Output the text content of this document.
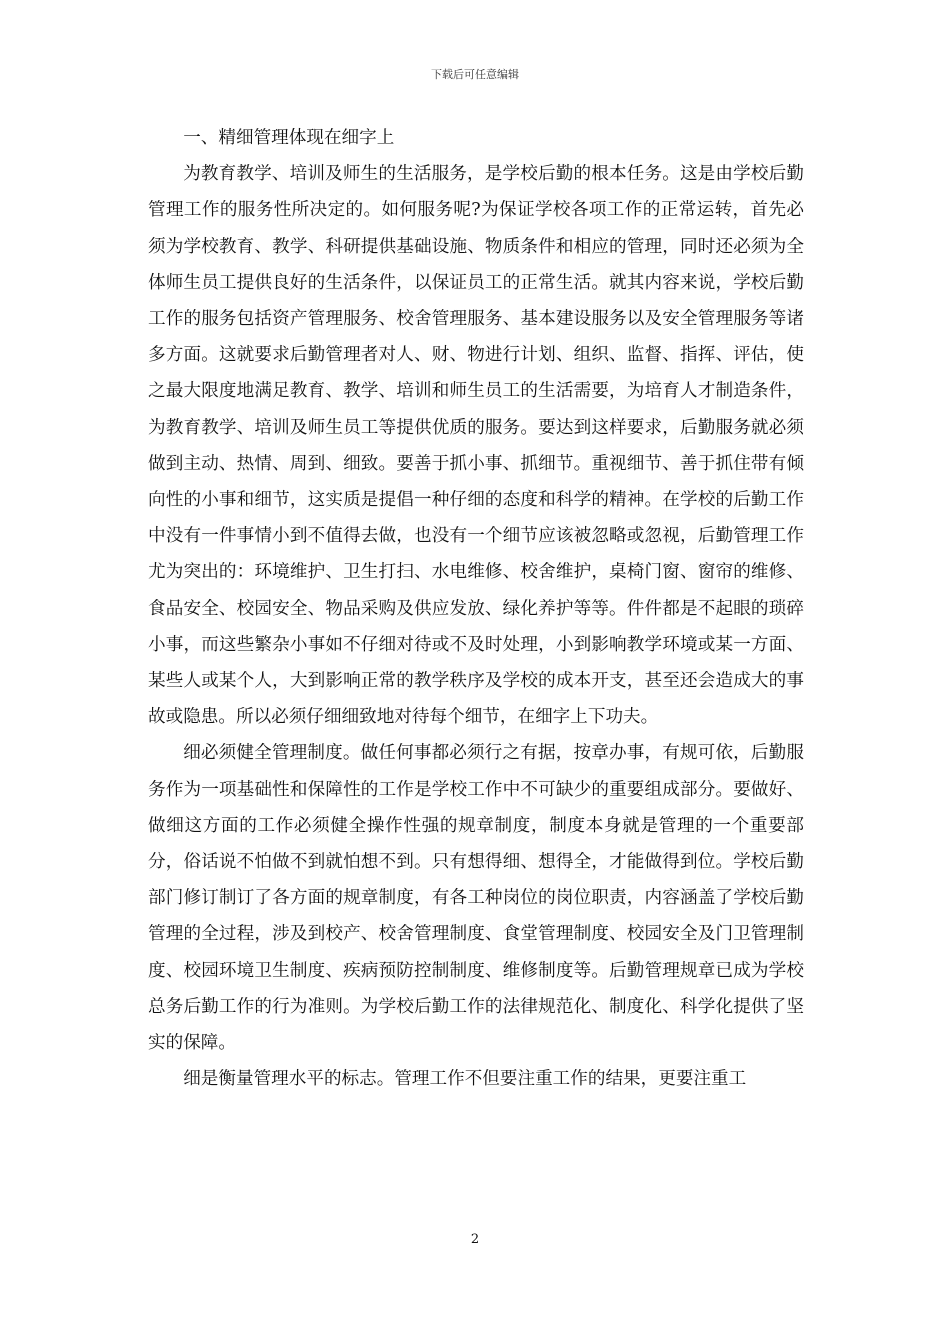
下载后可任意编辑
一、精细管理体现在细字上

为教育教学、培训及师生的生活服务，是学校后勤的根本任务。这是由学校后勤管理工作的服务性所决定的。如何服务呢?为保证学校各项工作的正常运转，首先必须为学校教育、教学、科研提供基础设施、物质条件和相应的管理，同时还必须为全体师生员工提供良好的生活条件，以保证员工的正常生活。就其内容来说，学校后勤工作的服务包括资产管理服务、校舍管理服务、基本建设服务以及安全管理服务等诸多方面。这就要求后勤管理者对人、财、物进行计划、组织、监督、指挥、评估，使之最大限度地满足教育、教学、培训和师生员工的生活需要，为培育人才制造条件，为教育教学、培训及师生员工等提供优质的服务。要达到这样要求，后勤服务就必须做到主动、热情、周到、细致。要善于抓小事、抓细节。重视细节、善于抓住带有倾向性的小事和细节，这实质是提倡一种仔细的态度和科学的精神。在学校的后勤工作中没有一件事情小到不值得去做，也没有一个细节应该被忽略或忽视，后勤管理工作尤为突出的：环境维护、卫生打扫、水电维修、校舍维护，桌椅门窗、窗帘的维修、食品安全、校园安全、物品采购及供应发放、绿化养护等等。件件都是不起眼的琐碎小事，而这些繁杂小事如不仔细对待或不及时处理，小到影响教学环境或某一方面、某些人或某个人，大到影响正常的教学秩序及学校的成本开支，甚至还会造成大的事故或隐患。所以必须仔细细致地对待每个细节，在细字上下功夫。

细必须健全管理制度。做任何事都必须行之有据，按章办事，有规可依，后勤服务作为一项基础性和保障性的工作是学校工作中不可缺少的重要组成部分。要做好、做细这方面的工作必须健全操作性强的规章制度，制度本身就是管理的一个重要部分，俗话说不怕做不到就怕想不到。只有想得细、想得全，才能做得到位。学校后勤部门修订制订了各方面的规章制度，有各工种岗位的岗位职责，内容涵盖了学校后勤管理的全过程，涉及到校产、校舍管理制度、食堂管理制度、校园安全及门卫管理制度、校园环境卫生制度、疾病预防控制制度、维修制度等。后勤管理规章已成为学校总务后勤工作的行为准则。为学校后勤工作的法律规范化、制度化、科学化提供了坚实的保障。

细是衡量管理水平的标志。管理工作不但要注重工作的结果，更要注重工

2
